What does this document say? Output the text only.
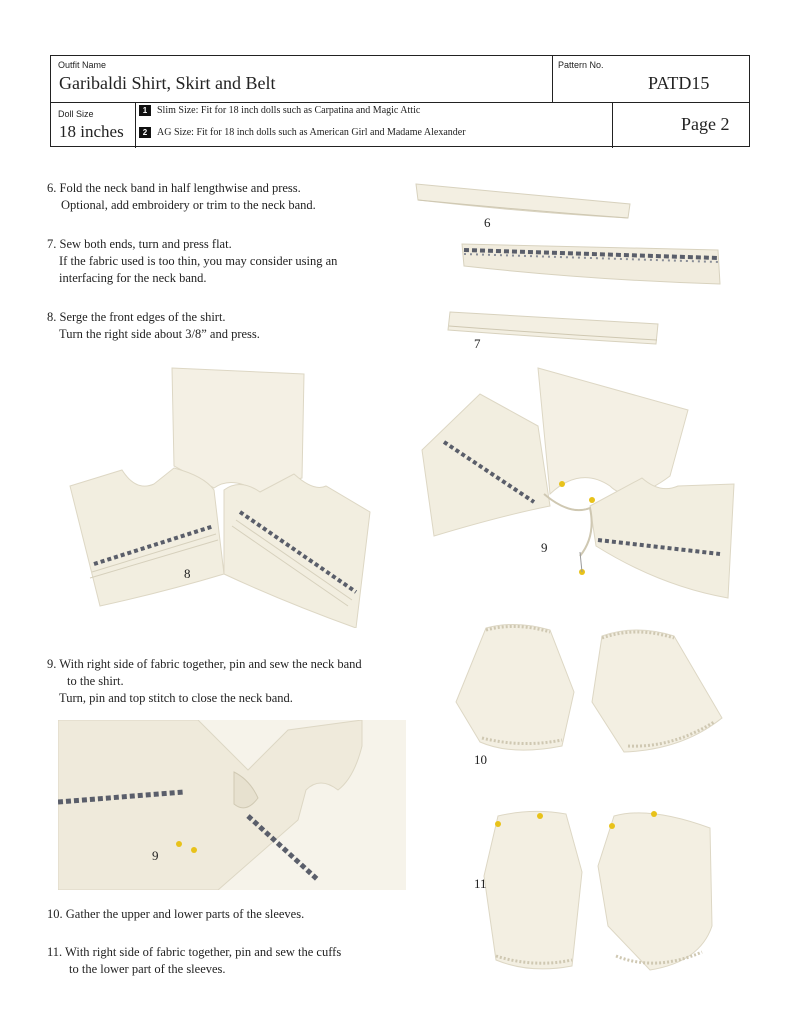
Outfit Name
Garibaldi Shirt, Skirt and Belt
Pattern No.
PATD15
Doll Size
18 inches
1 Slim Size: Fit for 18 inch dolls such as Carpatina and Magic Attic
2 AG Size: Fit for 18 inch dolls such as American Girl and Madame Alexander	Page 2
6. Fold the neck band in half lengthwise and press.
Optional, add embroidery or trim to the neck band.
7. Sew both ends, turn and press flat.
If the fabric used is too thin, you may consider using an
interfacing for the neck band.
8. Serge the front edges of the shirt.
Turn the right side about 3/8” and press.
9. With right side of fabric together, pin and sew the neck band
to the shirt.
Turn, pin and top stitch to close the neck band.
10. Gather the upper and lower parts of the sleeves.
11. With right side of fabric together, pin and sew the cuffs
to the lower part of the sleeves.
6
7
8
9
9
10
11
